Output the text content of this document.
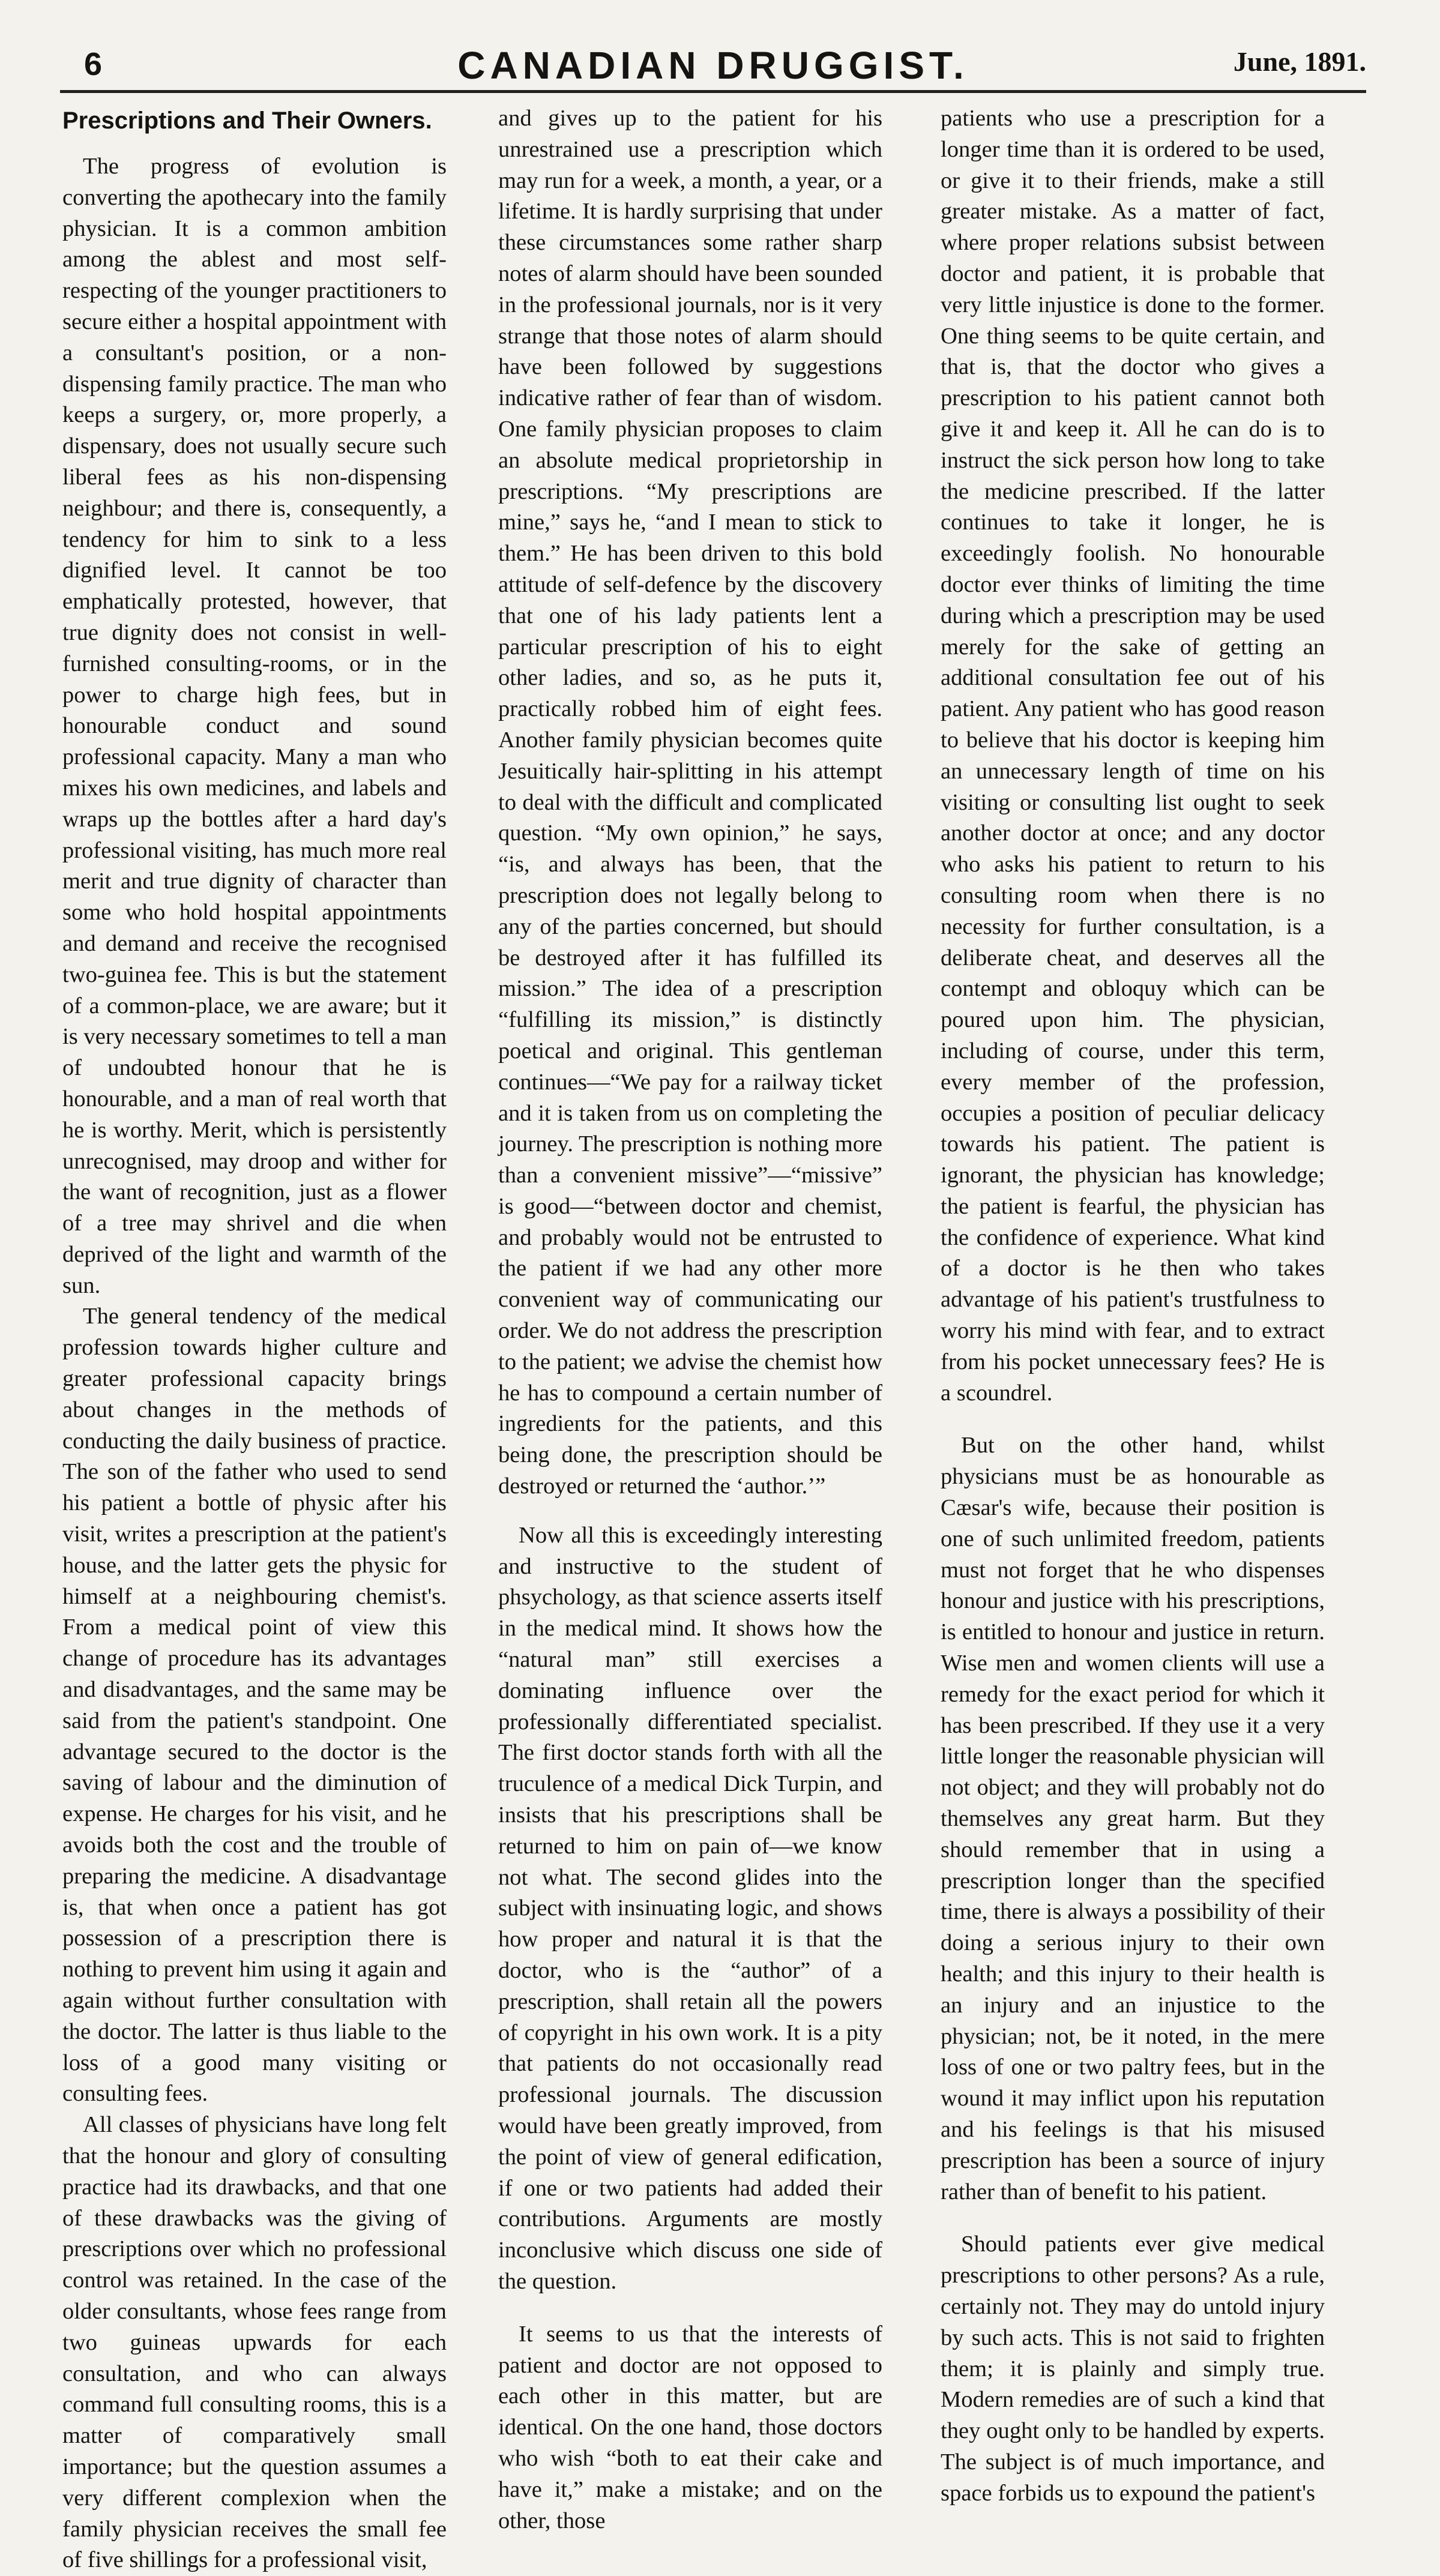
6	CANADIAN DRUGGIST.	June, 1891.
Prescriptions and Their Owners.

The progress of evolution is converting the apothecary into the family physician. It is a common ambition among the ablest and most self-respecting of the younger practitioners to secure either a hospital appointment with a consultant's position, or a non-dispensing family practice. The man who keeps a surgery, or, more properly, a dispensary, does not usually secure such liberal fees as his non-dispensing neighbour; and there is, consequently, a tendency for him to sink to a less dignified level. It cannot be too emphatically protested, however, that true dignity does not consist in well-furnished consulting-rooms, or in the power to charge high fees, but in honourable conduct and sound professional capacity. Many a man who mixes his own medicines, and labels and wraps up the bottles after a hard day's professional visiting, has much more real merit and true dignity of character than some who hold hospital appointments and demand and receive the recognised two-guinea fee. This is but the statement of a common-place, we are aware; but it is very necessary sometimes to tell a man of undoubted honour that he is honourable, and a man of real worth that he is worthy. Merit, which is persistently unrecognised, may droop and wither for the want of recognition, just as a flower of a tree may shrivel and die when deprived of the light and warmth of the sun.

The general tendency of the medical profession towards higher culture and greater professional capacity brings about changes in the methods of conducting the daily business of practice. The son of the father who used to send his patient a bottle of physic after his visit, writes a prescription at the patient's house, and the latter gets the physic for himself at a neighbouring chemist's. From a medical point of view this change of procedure has its advantages and disadvantages, and the same may be said from the patient's standpoint. One advantage secured to the doctor is the saving of labour and the diminution of expense. He charges for his visit, and he avoids both the cost and the trouble of preparing the medicine. A disadvantage is, that when once a patient has got possession of a prescription there is nothing to prevent him using it again and again without further consultation with the doctor. The latter is thus liable to the loss of a good many visiting or consulting fees.

All classes of physicians have long felt that the honour and glory of consulting practice had its drawbacks, and that one of these drawbacks was the giving of prescriptions over which no professional control was retained. In the case of the older consultants, whose fees range from two guineas upwards for each consultation, and who can always command full consulting rooms, this is a matter of comparatively small importance; but the question assumes a very different complexion when the family physician receives the small fee of five shillings for a professional visit,

and gives up to the patient for his unrestrained use a prescription which may run for a week, a month, a year, or a lifetime. It is hardly surprising that under these circumstances some rather sharp notes of alarm should have been sounded in the professional journals, nor is it very strange that those notes of alarm should have been followed by suggestions indicative rather of fear than of wisdom. One family physician proposes to claim an absolute medical proprietorship in prescriptions. “My prescriptions are mine,” says he, “and I mean to stick to them.” He has been driven to this bold attitude of self-defence by the discovery that one of his lady patients lent a particular prescription of his to eight other ladies, and so, as he puts it, practically robbed him of eight fees. Another family physician becomes quite Jesuitically hair-splitting in his attempt to deal with the difficult and complicated question. “My own opinion,” he says, “is, and always has been, that the prescription does not legally belong to any of the parties concerned, but should be destroyed after it has fulfilled its mission.” The idea of a prescription “fulfilling its mission,” is distinctly poetical and original. This gentleman continues—“We pay for a railway ticket and it is taken from us on completing the journey. The prescription is nothing more than a convenient missive”—“missive” is good—“between doctor and chemist, and probably would not be entrusted to the patient if we had any other more convenient way of communicating our order. We do not address the prescription to the patient; we advise the chemist how he has to compound a certain number of ingredients for the patients, and this being done, the prescription should be destroyed or returned the ‘author.’”

Now all this is exceedingly interesting and instructive to the student of phsychology, as that science asserts itself in the medical mind. It shows how the “natural man” still exercises a dominating influence over the professionally differentiated specialist. The first doctor stands forth with all the truculence of a medical Dick Turpin, and insists that his prescriptions shall be returned to him on pain of—we know not what. The second glides into the subject with insinuating logic, and shows how proper and natural it is that the doctor, who is the “author” of a prescription, shall retain all the powers of copyright in his own work. It is a pity that patients do not occasionally read professional journals. The discussion would have been greatly improved, from the point of view of general edification, if one or two patients had added their contributions. Arguments are mostly inconclusive which discuss one side of the question.

It seems to us that the interests of patient and doctor are not opposed to each other in this matter, but are identical. On the one hand, those doctors who wish “both to eat their cake and have it,” make a mistake; and on the other, those

patients who use a prescription for a longer time than it is ordered to be used, or give it to their friends, make a still greater mistake. As a matter of fact, where proper relations subsist between doctor and patient, it is probable that very little injustice is done to the former. One thing seems to be quite certain, and that is, that the doctor who gives a prescription to his patient cannot both give it and keep it. All he can do is to instruct the sick person how long to take the medicine prescribed. If the latter continues to take it longer, he is exceedingly foolish. No honourable doctor ever thinks of limiting the time during which a prescription may be used merely for the sake of getting an additional consultation fee out of his patient. Any patient who has good reason to believe that his doctor is keeping him an unnecessary length of time on his visiting or consulting list ought to seek another doctor at once; and any doctor who asks his patient to return to his consulting room when there is no necessity for further consultation, is a deliberate cheat, and deserves all the contempt and obloquy which can be poured upon him. The physician, including of course, under this term, every member of the profession, occupies a position of peculiar delicacy towards his patient. The patient is ignorant, the physician has knowledge; the patient is fearful, the physician has the confidence of experience. What kind of a doctor is he then who takes advantage of his patient's trustfulness to worry his mind with fear, and to extract from his pocket unnecessary fees? He is a scoundrel.

But on the other hand, whilst physicians must be as honourable as Cæsar's wife, because their position is one of such unlimited freedom, patients must not forget that he who dispenses honour and justice with his prescriptions, is entitled to honour and justice in return. Wise men and women clients will use a remedy for the exact period for which it has been prescribed. If they use it a very little longer the reasonable physician will not object; and they will probably not do themselves any great harm. But they should remember that in using a prescription longer than the specified time, there is always a possibility of their doing a serious injury to their own health; and this injury to their health is an injury and an injustice to the physician; not, be it noted, in the mere loss of one or two paltry fees, but in the wound it may inflict upon his reputation and his feelings is that his misused prescription has been a source of injury rather than of benefit to his patient.

Should patients ever give medical prescriptions to other persons? As a rule, certainly not. They may do untold injury by such acts. This is not said to frighten them; it is plainly and simply true. Modern remedies are of such a kind that they ought only to be handled by experts. The subject is of much importance, and space forbids us to expound the patient's
